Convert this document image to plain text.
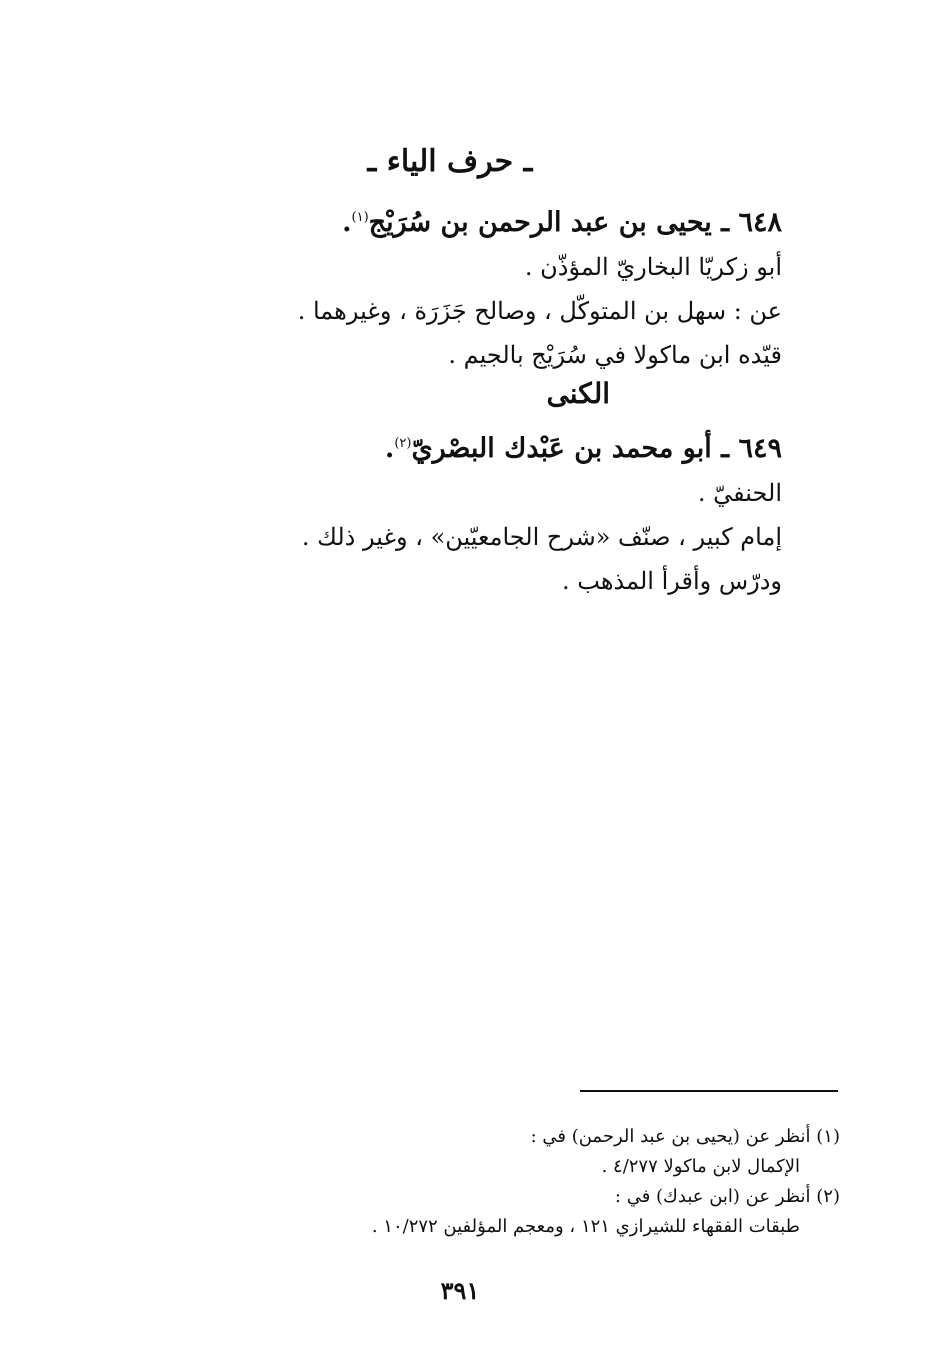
ـ حرف الياء ـ
٦٤٨ ـ يحيى بن عبد الرحمن بن سُرَيْج$^{(١)}$.
أبو زكريّا البخاريّ المؤذّن .
عن : سهل بن المتوكّل ، وصالح جَزَرَة ، وغيرهما .
قيّده ابن ماكولا في سُرَيْج بالجيم .
الكنى
٦٤٩ ـ أبو محمد بن عَبْدك البصْريّ$^{(٢)}$.
الحنفيّ .
إمام كبير ، صنّف «شرح الجامعيّين» ، وغير ذلك .
ودرّس وأقرأ المذهب .
(١) أنظر عن (يحيى بن عبد الرحمن) في :
الإكمال لابن ماكولا ٤/٢٧٧ .
(٢) أنظر عن (ابن عبدك) في :
طبقات الفقهاء للشيرازي ١٢١ ، ومعجم المؤلفين ١٠/٢٧٢ .
٣٩١
